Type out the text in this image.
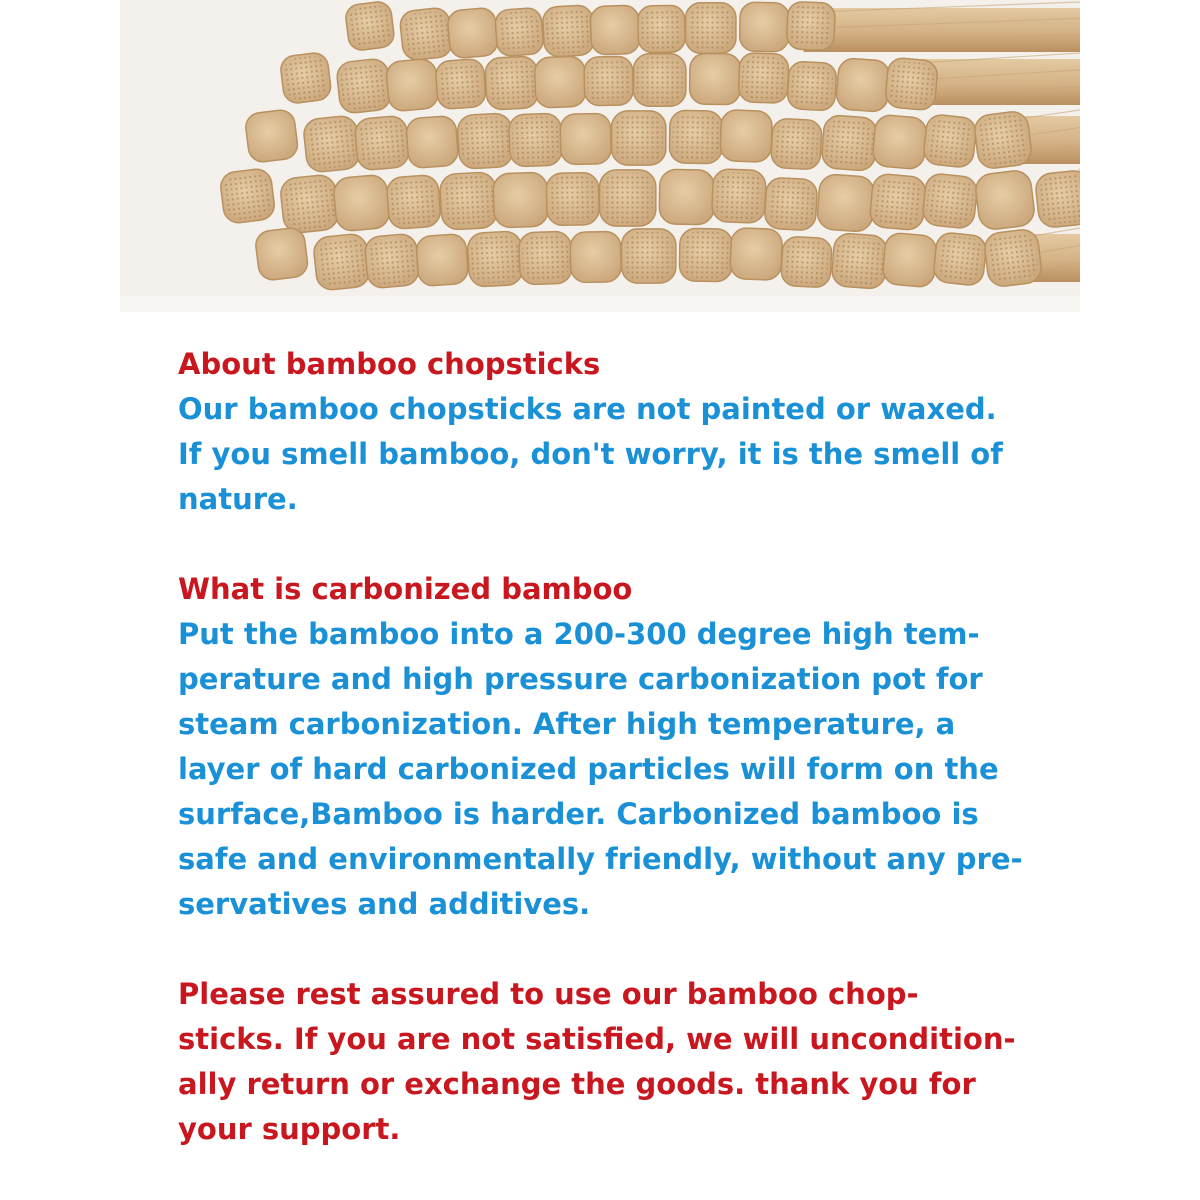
About bamboo chopsticks
Our bamboo chopsticks are not painted or waxed.
If you smell bamboo, don't worry, it is the smell of
nature.
What is carbonized bamboo
Put the bamboo into a 200-300 degree high tem-
perature and high pressure carbonization pot for
steam carbonization. After high temperature, a
layer of hard carbonized particles will form on the
surface,Bamboo is harder. Carbonized bamboo is
safe and environmentally friendly, without any pre-
servatives and additives.
Please rest assured to use our bamboo chop-
sticks. If you are not satisfied, we will uncondition-
ally return or exchange the goods. thank you for
your support.
